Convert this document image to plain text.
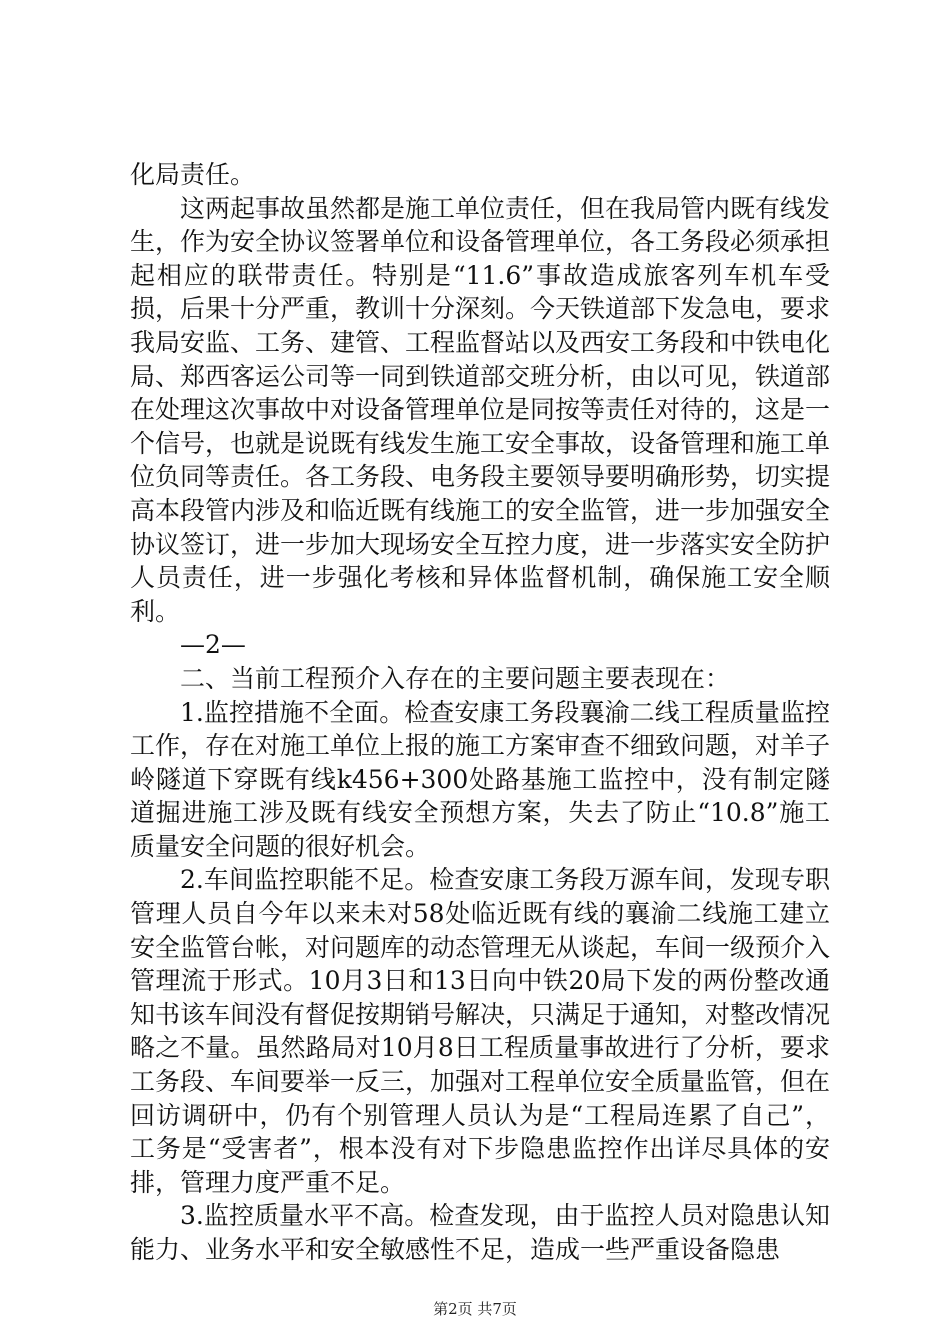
化局责任。

这两起事故虽然都是施工单位责任，但在我局管内既有线发生，作为安全协议签署单位和设备管理单位，各工务段必须承担起相应的联带责任。特别是“11.6”事故造成旅客列车机车受损，后果十分严重，教训十分深刻。今天铁道部下发急电，要求我局安监、工务、建管、工程监督站以及西安工务段和中铁电化局、郑西客运公司等一同到铁道部交班分析，由以可见，铁道部在处理这次事故中对设备管理单位是同按等责任对待的，这是一个信号，也就是说既有线发生施工安全事故，设备管理和施工单位负同等责任。各工务段、电务段主要领导要明确形势，切实提高本段管内涉及和临近既有线施工的安全监管，进一步加强安全协议签订，进一步加大现场安全互控力度，进一步落实安全防护人员责任，进一步强化考核和异体监督机制，确保施工安全顺利。

—2—

二、当前工程预介入存在的主要问题主要表现在：

1.监控措施不全面。检查安康工务段襄渝二线工程质量监控工作，存在对施工单位上报的施工方案审查不细致问题，对羊子岭隧道下穿既有线k456+300处路基施工监控中，没有制定隧道掘进施工涉及既有线安全预想方案，失去了防止“10.8”施工质量安全问题的很好机会。

2.车间监控职能不足。检查安康工务段万源车间，发现专职管理人员自今年以来未对58处临近既有线的襄渝二线施工建立安全监管台帐，对问题库的动态管理无从谈起，车间一级预介入管理流于形式。10月3日和13日向中铁20局下发的两份整改通知书该车间没有督促按期销号解决，只满足于通知，对整改情况略之不量。虽然路局对10月8日工程质量事故进行了分析，要求工务段、车间要举一反三，加强对工程单位安全质量监管，但在回访调研中，仍有个别管理人员认为是“工程局连累了自己”，工务是“受害者”，根本没有对下步隐患监控作出详尽具体的安排，管理力度严重不足。

3.监控质量水平不高。检查发现，由于监控人员对隐患认知能力、业务水平和安全敏感性不足，造成一些严重设备隐患

第2页 共7页
